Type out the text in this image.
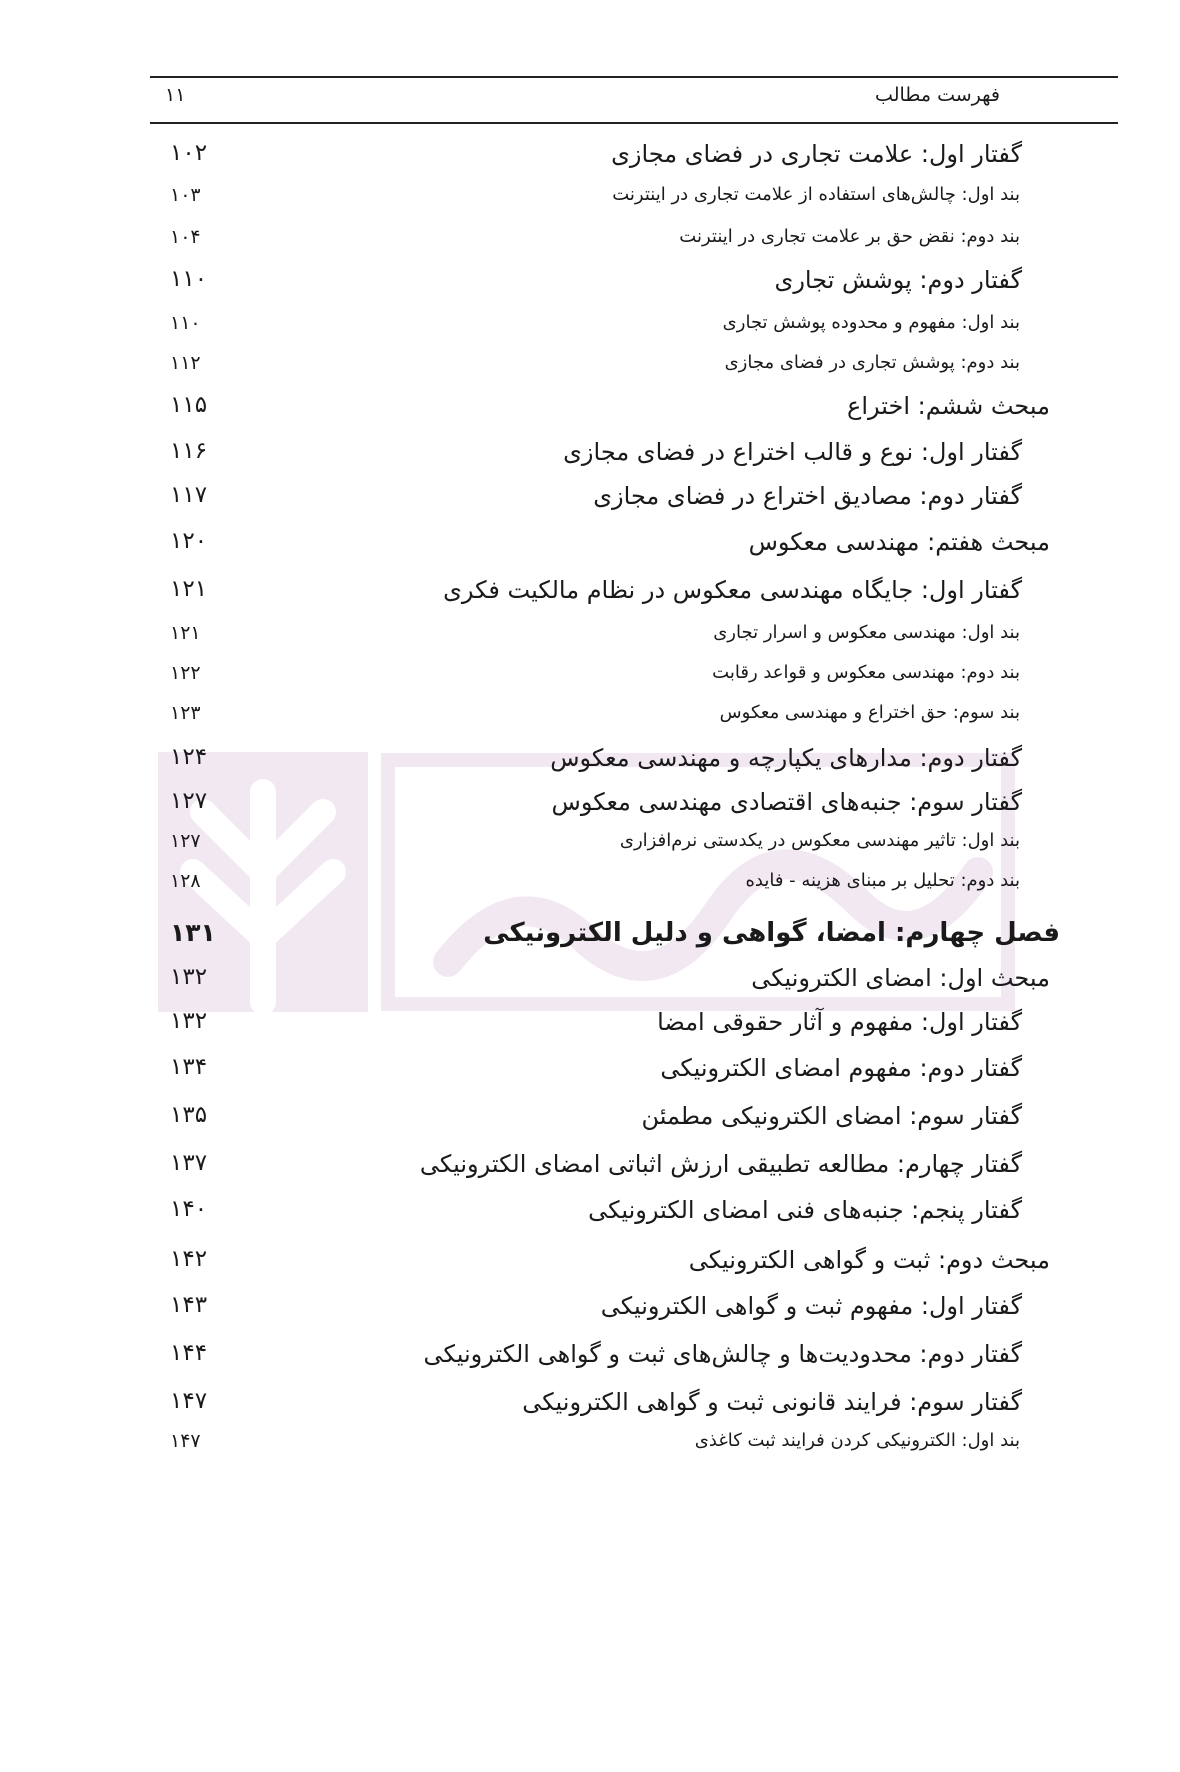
فهرست مطالب
۱۱
گفتار اول: علامت تجاری در فضای مجازی
۱۰۲
بند اول: چالش‌های استفاده از علامت تجاری در اینترنت
۱۰۳
بند دوم: نقض حق بر علامت تجاری در اینترنت
۱۰۴
گفتار دوم: پوشش تجاری
۱۱۰
بند اول: مفهوم و محدوده پوشش تجاری
۱۱۰
بند دوم: پوشش تجاری در فضای مجازی
۱۱۲
مبحث ششم: اختراع
۱۱۵
گفتار اول: نوع و قالب اختراع در فضای مجازی
۱۱۶
گفتار دوم: مصادیق اختراع در فضای مجازی
۱۱۷
مبحث هفتم: مهندسی معکوس
۱۲۰
گفتار اول: جایگاه مهندسی معکوس در نظام مالکیت فکری
۱۲۱
بند اول: مهندسی معکوس و اسرار تجاری
۱۲۱
بند دوم: مهندسی معکوس و قواعد رقابت
۱۲۲
بند سوم: حق اختراع و مهندسی معکوس
۱۲۳
گفتار دوم: مدارهای یکپارچه و مهندسی معکوس
۱۲۴
گفتار سوم: جنبه‌های اقتصادی مهندسی معکوس
۱۲۷
بند اول: تاثیر مهندسی معکوس در یکدستی نرم‌افزاری
۱۲۷
بند دوم: تحلیل بر مبنای هزینه - فایده
۱۲۸
فصل چهارم: امضا، گواهی و دلیل الکترونیکی
۱۳۱
مبحث اول: امضای الکترونیکی
۱۳۲
گفتار اول: مفهوم و آثار حقوقی امضا
۱۳۲
گفتار دوم: مفهوم امضای الکترونیکی
۱۳۴
گفتار سوم: امضای الکترونیکی مطمئن
۱۳۵
گفتار چهارم: مطالعه تطبیقی ارزش اثباتی امضای الکترونیکی
۱۳۷
گفتار پنجم: جنبه‌های فنی امضای الکترونیکی
۱۴۰
مبحث دوم: ثبت و گواهی الکترونیکی
۱۴۲
گفتار اول: مفهوم ثبت و گواهی الکترونیکی
۱۴۳
گفتار دوم: محدودیت‌ها و چالش‌های ثبت و گواهی الکترونیکی
۱۴۴
گفتار سوم: فرایند قانونی ثبت و گواهی الکترونیکی
۱۴۷
بند اول: الکترونیکی کردن فرایند ثبت کاغذی
۱۴۷
